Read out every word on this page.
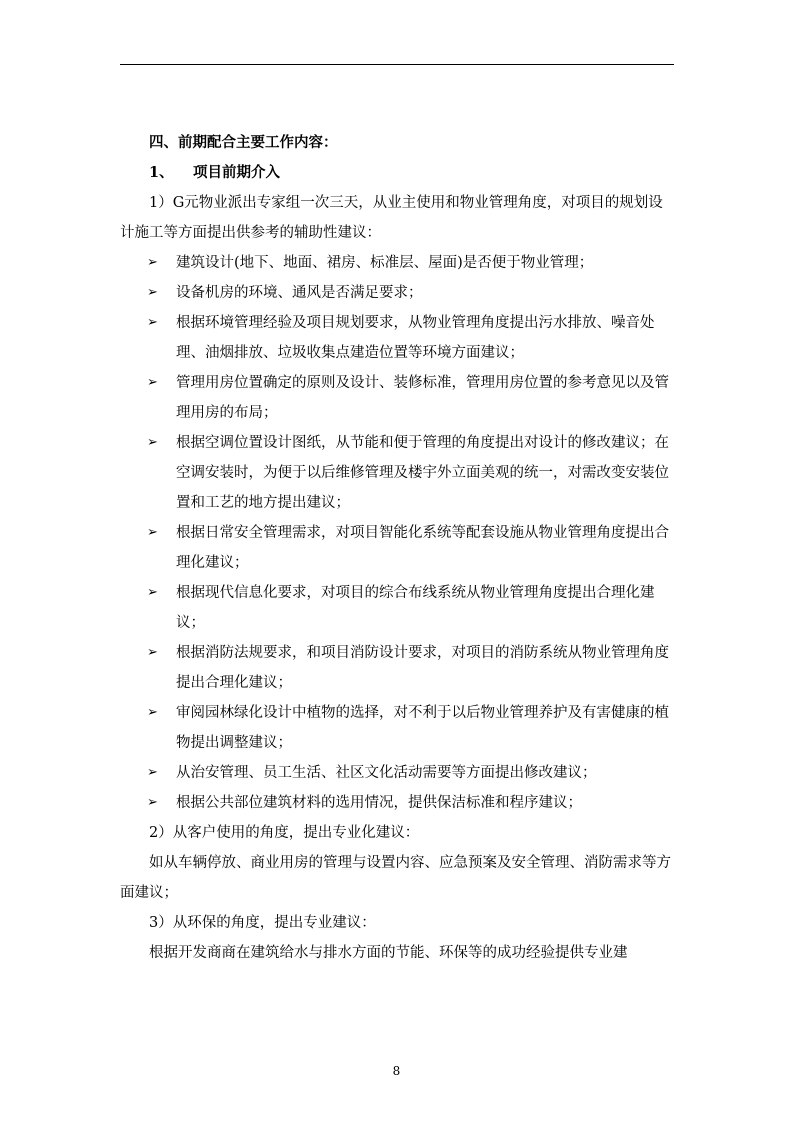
四、前期配合主要工作内容：
1、 项目前期介入
1）G元物业派出专家组一次三天，从业主使用和物业管理角度，对项目的规划设计施工等方面提出供参考的辅助性建议：
➢ 建筑设计(地下、地面、裙房、标准层、屋面)是否便于物业管理；
➢ 设备机房的环境、通风是否满足要求；
➢ 根据环境管理经验及项目规划要求，从物业管理角度提出污水排放、噪音处理、油烟排放、垃圾收集点建造位置等环境方面建议；
➢ 管理用房位置确定的原则及设计、装修标准，管理用房位置的参考意见以及管理用房的布局；
➢ 根据空调位置设计图纸，从节能和便于管理的角度提出对设计的修改建议；在空调安装时，为便于以后维修管理及楼宇外立面美观的统一，对需改变安装位置和工艺的地方提出建议；
➢ 根据日常安全管理需求，对项目智能化系统等配套设施从物业管理角度提出合理化建议；
➢ 根据现代信息化要求，对项目的综合布线系统从物业管理角度提出合理化建议；
➢ 根据消防法规要求，和项目消防设计要求，对项目的消防系统从物业管理角度提出合理化建议；
➢ 审阅园林绿化设计中植物的选择，对不利于以后物业管理养护及有害健康的植物提出调整建议；
➢ 从治安管理、员工生活、社区文化活动需要等方面提出修改建议；
➢ 根据公共部位建筑材料的选用情况，提供保洁标准和程序建议；
2）从客户使用的角度，提出专业化建议：
如从车辆停放、商业用房的管理与设置内容、应急预案及安全管理、消防需求等方面建议；
3）从环保的角度，提出专业建议：
根据开发商商在建筑给水与排水方面的节能、环保等的成功经验提供专业建
8
